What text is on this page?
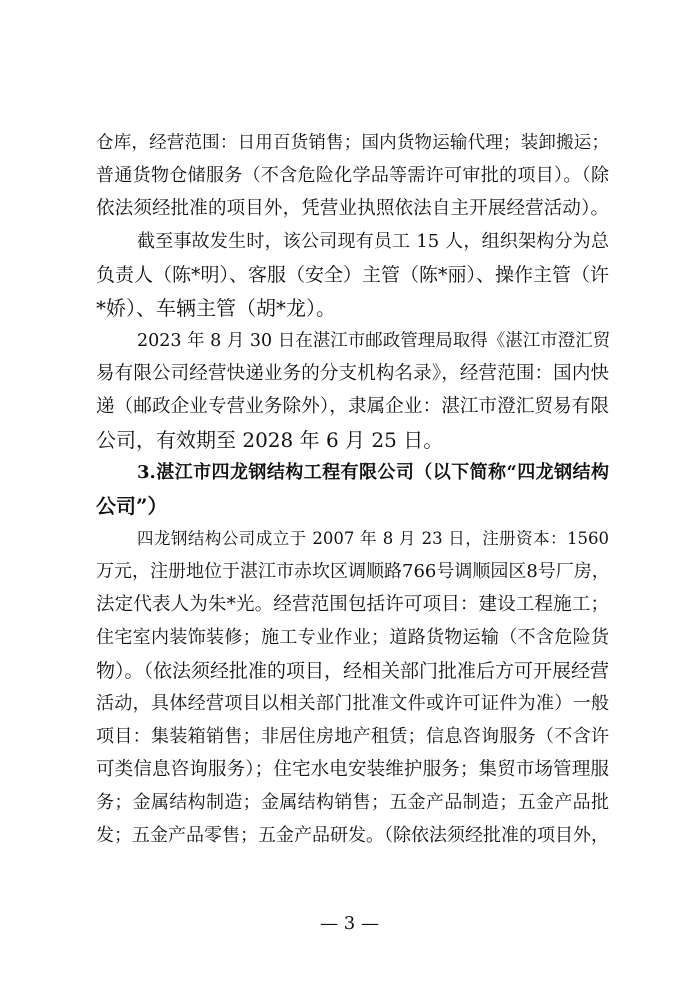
仓库，经营范围：日用百货销售；国内货物运输代理；装卸搬运；
普通货物仓储服务（不含危险化学品等需许可审批的项目）。（除
依法须经批准的项目外，凭营业执照依法自主开展经营活动）。
截至事故发生时，该公司现有员工 15 人，组织架构分为总
负责人（陈*明）、客服（安全）主管（陈*丽）、操作主管（许
*娇）、车辆主管（胡*龙）。
2023 年 8 月 30 日在湛江市邮政管理局取得《湛江市澄汇贸
易有限公司经营快递业务的分支机构名录》，经营范围：国内快
递（邮政企业专营业务除外），隶属企业：湛江市澄汇贸易有限
公司，有效期至 2028 年 6 月 25 日。
3.湛江市四龙钢结构工程有限公司（以下简称“四龙钢结构
公司”）
四龙钢结构公司成立于 2007 年 8 月 23 日，注册资本：1560
万元，注册地位于湛江市赤坎区调顺路766号调顺园区8号厂房，
法定代表人为朱*光。经营范围包括许可项目：建设工程施工；
住宅室内装饰装修；施工专业作业；道路货物运输（不含危险货
物）。（依法须经批准的项目，经相关部门批准后方可开展经营
活动，具体经营项目以相关部门批准文件或许可证件为准）一般
项目：集装箱销售；非居住房地产租赁；信息咨询服务（不含许
可类信息咨询服务）；住宅水电安装维护服务；集贸市场管理服
务；金属结构制造；金属结构销售；五金产品制造；五金产品批
发；五金产品零售；五金产品研发。（除依法须经批准的项目外，
— 3 —
